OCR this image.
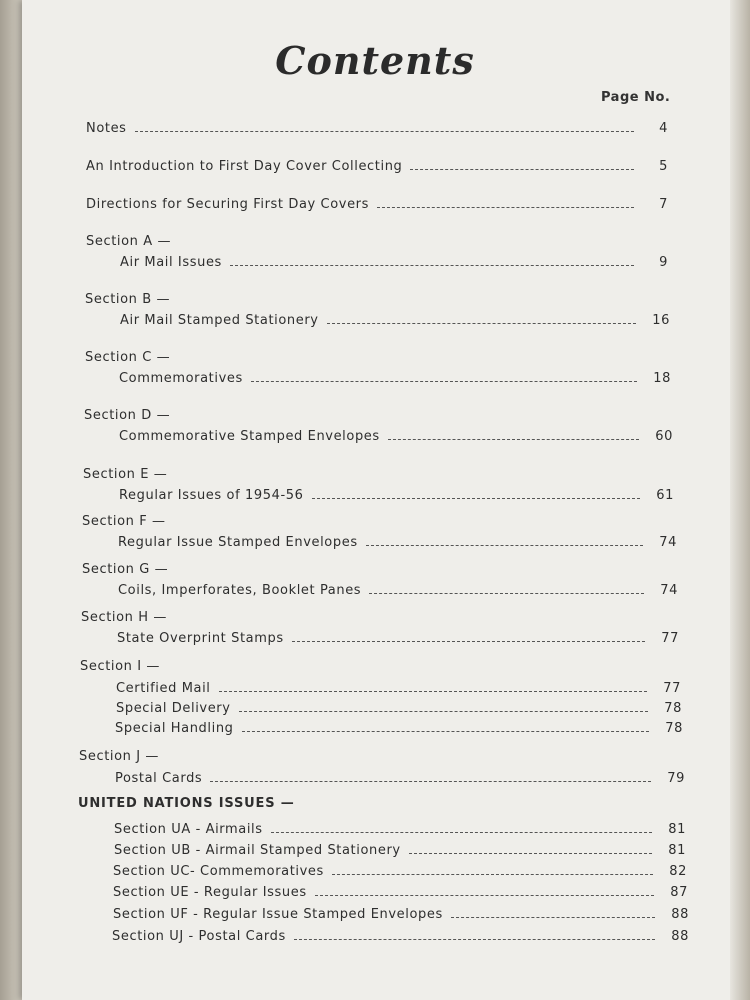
Contents
Page No.
Notes	4
An Introduction to First Day Cover Collecting	5
Directions for Securing First Day Covers	7
Section A —
Air Mail Issues	9
Section B —
Air Mail Stamped Stationery	16
Section C —
Commemoratives	18
Section D —
Commemorative Stamped Envelopes	60
Section E —
Regular Issues of 1954-56	61
Section F —
Regular Issue Stamped Envelopes	74
Section G —
Coils, Imperforates, Booklet Panes	74
Section H —
State Overprint Stamps	77
Section I —
Certified Mail	77
Special Delivery	78
Special Handling	78
Section J —
Postal Cards	79
UNITED NATIONS ISSUES —
Section UA - Airmails	81
Section UB - Airmail Stamped Stationery	81
Section UC- Commemoratives	82
Section UE - Regular Issues	87
Section UF - Regular Issue Stamped Envelopes	88
Section UJ - Postal Cards	88
